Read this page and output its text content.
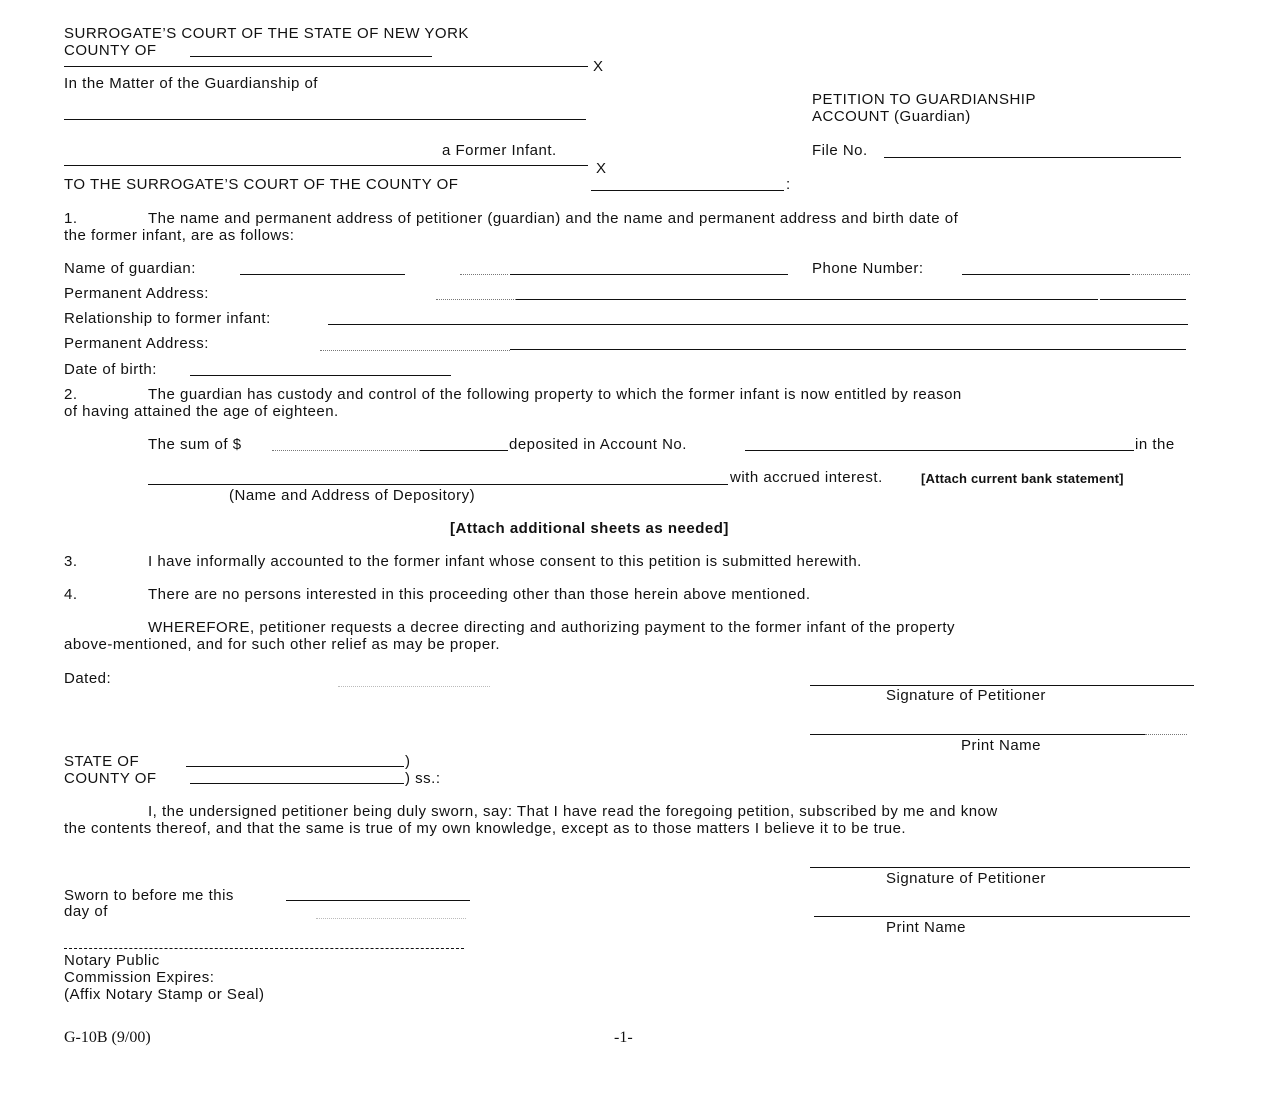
SURROGATE’S COURT OF THE STATE OF NEW YORK
COUNTY OF
X
In the Matter of the Guardianship of
PETITION TO GUARDIANSHIP
ACCOUNT (Guardian)
a Former Infant.
X
File No.
TO THE SURROGATE’S COURT OF THE COUNTY OF	:
1.	The name and permanent address of petitioner (guardian) and the name and permanent address and birth date of
the former infant, are as follows:
Name of guardian:	Phone Number:
Permanent Address:
Relationship to former infant:
Permanent Address:
Date of birth:
2.	The guardian has custody and control of the following property to which the former infant is now entitled by reason
of having attained the age of eighteen.
The sum of $	deposited in Account No.	in the
with accrued interest.	[Attach current bank statement]
(Name and Address of Depository)
[Attach additional sheets as needed]
3.	I have informally accounted to the former infant whose consent to this petition is submitted herewith.
4.	There are no persons interested in this proceeding other than those herein above mentioned.
WHEREFORE, petitioner requests a decree directing and authorizing payment to the former infant of the property
above-mentioned, and for such other relief as may be proper.
Dated:
Signature of Petitioner
Print Name
STATE OF	)
COUNTY OF	) ss.:
I, the undersigned petitioner being duly sworn, say: That I have read the foregoing petition, subscribed by me and know
the contents thereof, and that the same is true of my own knowledge, except as to those matters I believe it to be true.
Signature of Petitioner
Print Name
Sworn to before me this
day of
Notary Public
Commission Expires:
(Affix Notary Stamp or Seal)
G-10B (9/00)	-1-
